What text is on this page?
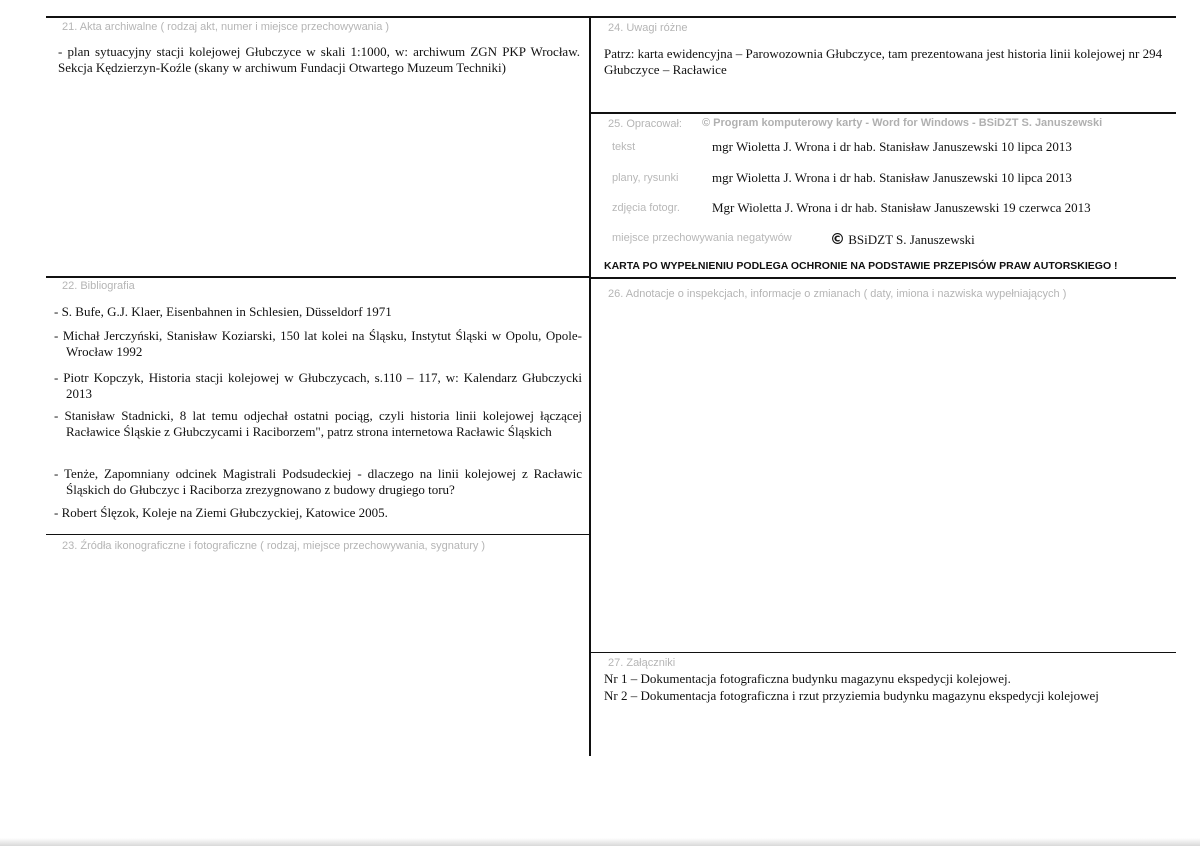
21. Akta archiwalne ( rodzaj akt, numer i miejsce przechowywania )
- plan sytuacyjny stacji kolejowej Głubczyce w skali 1:1000, w: archiwum ZGN PKP Wrocław. Sekcja Kędzierzyn-Koźle (skany w archiwum Fundacji Otwartego Muzeum Techniki)
22. Bibliografia
- S. Bufe, G.J. Klaer, Eisenbahnen in Schlesien, Düsseldorf 1971
- Michał Jerczyński, Stanisław Koziarski, 150 lat kolei na Śląsku, Instytut Śląski w Opolu, Opole-Wrocław 1992
- Piotr Kopczyk, Historia stacji kolejowej w Głubczycach, s.110 – 117, w: Kalendarz Głubczycki 2013
- Stanisław Stadnicki, 8 lat temu odjechał ostatni pociąg, czyli historia linii kolejowej łączącej Racławice Śląskie z Głubczycami i Raciborzem", patrz strona internetowa Racławic Śląskich
- Tenże, Zapomniany odcinek Magistrali Podsudeckiej - dlaczego na linii kolejowej z Racławic Śląskich do Głubczyc i Raciborza zrezygnowano z budowy drugiego toru?
- Robert Ślęzok, Koleje na Ziemi Głubczyckiej, Katowice 2005.
23. Źródła ikonograficzne i fotograficzne ( rodzaj, miejsce przechowywania, sygnatury )
24. Uwagi różne
Patrz: karta ewidencyjna – Parowozownia Głubczyce, tam prezentowana jest historia linii kolejowej nr 294 Głubczyce – Racławice
25. Opracował: © Program komputerowy karty - Word for Windows - BSiDZT S. Januszewski
tekst	mgr Wioletta J. Wrona i dr hab. Stanisław Januszewski 10 lipca 2013
plany, rysunki	mgr Wioletta J. Wrona i dr hab. Stanisław Januszewski 10 lipca 2013
zdjęcia fotogr. Mgr Wioletta J. Wrona i dr hab. Stanisław Januszewski 19 czerwca 2013
miejsce przechowywania negatywów	© BSiDZT S. Januszewski
KARTA PO WYPEŁNIENIU PODLEGA OCHRONIE NA PODSTAWIE PRZEPISÓW PRAW AUTORSKIEGO !
26. Adnotacje o inspekcjach, informacje o zmianach ( daty, imiona i nazwiska wypełniających )
27. Załączniki
Nr 1 – Dokumentacja fotograficzna budynku magazynu ekspedycji kolejowej.
Nr 2 – Dokumentacja fotograficzna i rzut przyziemia budynku magazynu ekspedycji kolejowej
